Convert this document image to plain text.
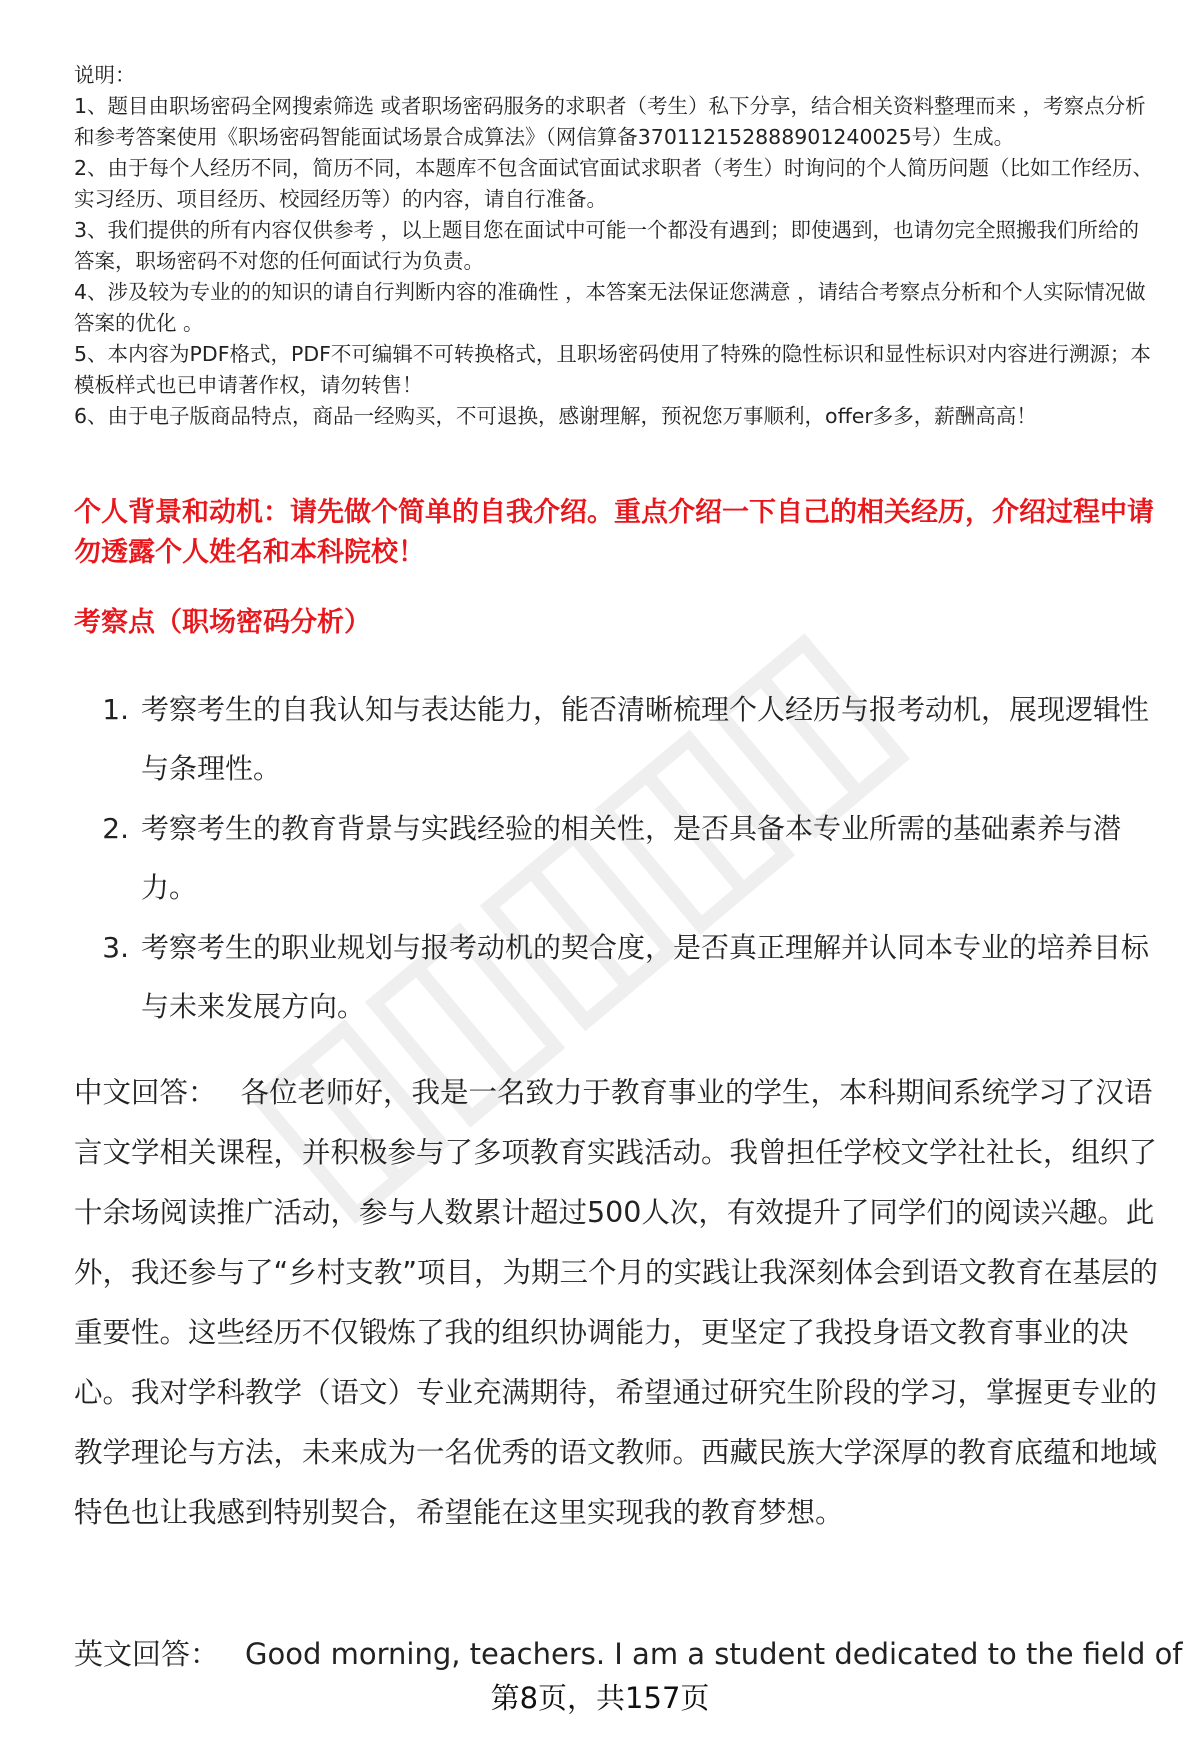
说明：

1、题目由职场密码全网搜索筛选 或者职场密码服务的求职者（考生）私下分享，结合相关资料整理而来 ，考察点分析和参考答案使用《职场密码智能面试场景合成算法》（网信算备370112152888901240025号）生成。

2、由于每个人经历不同，简历不同，本题库不包含面试官面试求职者（考生）时询问的个人简历问题（比如工作经历、实习经历、项目经历、校园经历等）的内容，请自行准备。

3、我们提供的所有内容仅供参考 ，以上题目您在面试中可能一个都没有遇到；即使遇到，也请勿完全照搬我们所给的答案，职场密码不对您的任何面试行为负责。

4、涉及较为专业的的知识的请自行判断内容的准确性 ，本答案无法保证您满意 ，请结合考察点分析和个人实际情况做答案的优化 。

5、本内容为PDF格式，PDF不可编辑不可转换格式，且职场密码使用了特殊的隐性标识和显性标识对内容进行溯源；本模板样式也已申请著作权，请勿转售！

6、由于电子版商品特点，商品一经购买，不可退换，感谢理解，预祝您万事顺利，offer多多，薪酬高高！

个人背景和动机：请先做个简单的自我介绍。重点介绍一下自己的相关经历，介绍过程中请勿透露个人姓名和本科院校！
考察点（职场密码分析）
1. 考察考生的自我认知与表达能力，能否清晰梳理个人经历与报考动机，展现逻辑性与条理性。
2. 考察考生的教育背景与实践经验的相关性，是否具备本专业所需的基础素养与潜力。
3. 考察考生的职业规划与报考动机的契合度，是否真正理解并认同本专业的培养目标与未来发展方向。
中文回答： 各位老师好，我是一名致力于教育事业的学生，本科期间系统学习了汉语言文学相关课程，并积极参与了多项教育实践活动。我曾担任学校文学社社长，组织了十余场阅读推广活动，参与人数累计超过500人次，有效提升了同学们的阅读兴趣。此外，我还参与了“乡村支教”项目，为期三个月的实践让我深刻体会到语文教育在基层的重要性。这些经历不仅锻炼了我的组织协调能力，更坚定了我投身语文教育事业的决心。我对学科教学（语文）专业充满期待，希望通过研究生阶段的学习，掌握更专业的教学理论与方法，未来成为一名优秀的语文教师。西藏民族大学深厚的教育底蕴和地域特色也让我感到特别契合，希望能在这里实现我的教育梦想。
英文回答： Good morning, teachers. I am a student dedicated to the field of
第8页，共157页
